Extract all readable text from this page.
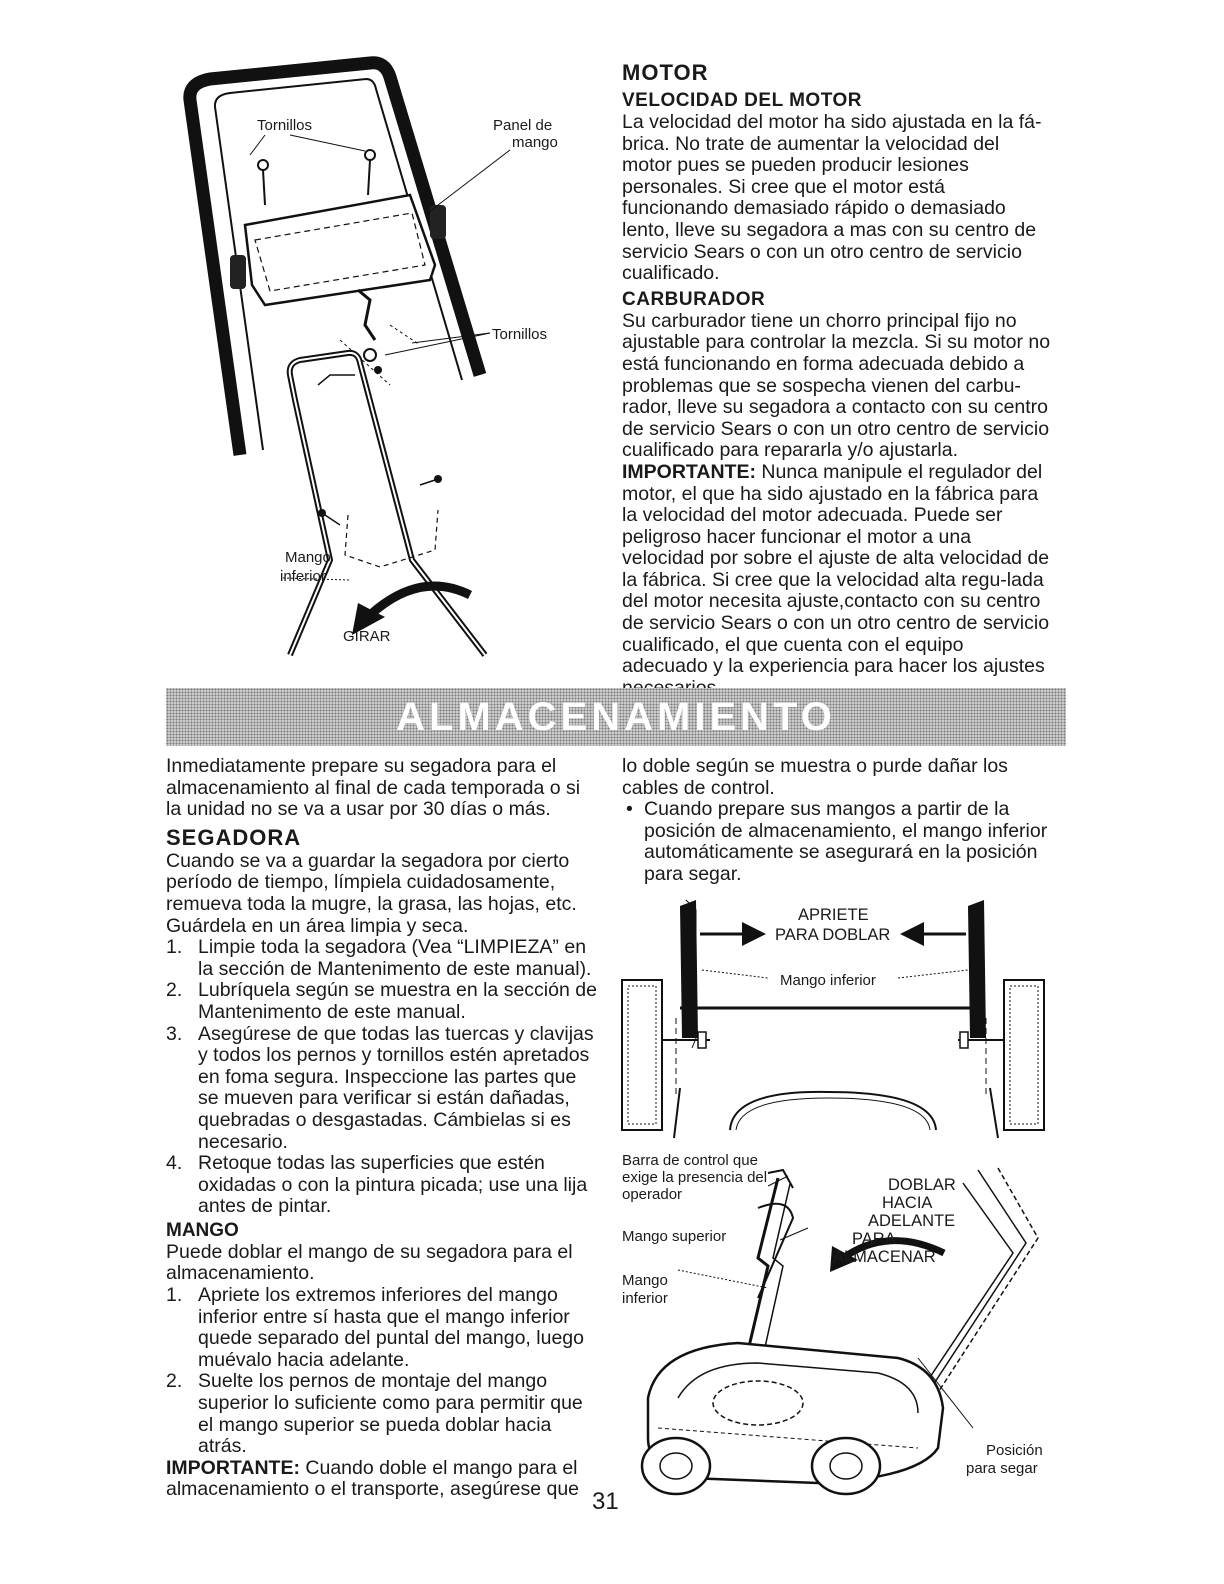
Tornillos	Panel de
mango
Tornillos
Mango
inferior
GIRAR
MOTOR
VELOCIDAD DEL MOTOR

La velocidad del motor ha sido ajustada en la fá-brica. No trate de aumentar la velocidad del motor pues se pueden producir lesiones personales. Si cree que el motor está funcionando demasiado rápido o demasiado lento, lleve su segadora a mas con su centro de servicio Sears o con un otro centro de servicio cualificado.

CARBURADOR

Su carburador tiene un chorro principal fijo no ajustable para controlar la mezcla. Si su motor no está funcionando en forma adecuada debido a problemas que se sospecha vienen del carbu-rador, lleve su segadora a contacto con su centro de servicio Sears o con un otro centro de servicio cualificado para repararla y/o ajustarla.

IMPORTANTE: Nunca manipule el regulador del motor, el que ha sido ajustado en la fábrica para la velocidad del motor adecuada. Puede ser peligroso hacer funcionar el motor a una velocidad por sobre el ajuste de alta velocidad de la fábrica. Si cree que la velocidad alta regu-lada del motor necesita ajuste,contacto con su centro de servicio Sears o con un otro centro de servicio cualificado, el que cuenta con el equipo adecuado y la experiencia para hacer los ajustes

ALMACENAMIENTO

Inmediatamente prepare su segadora para el almacenamiento al final de cada temporada o si la unidad no se va a usar por 30 días o más.

SEGADORA

Cuando se va a guardar la segadora por cierto período de tiempo, límpiela cuidadosamente, remueva toda la mugre, la grasa, las hojas, etc. Guárdela en un área limpia y seca.

1. Limpie toda la segadora (Vea “LIMPIEZA” en la sección de Mantenimento de este manual).
2. Lubríquela según se muestra en la sección de Mantenimento de este manual.
3. Asegúrese de que todas las tuercas y clavijas y todos los pernos y tornillos estén apretados en foma segura. Inspeccione las partes que se mueven para verificar si están dañadas, quebradas o desgastadas. Cámbielas si es necesario.
4. Retoque todas las superficies que estén oxidadas o con la pintura picada; use una lija antes de pintar.
MANGO

Puede doblar el mango de su segadora para el almacenamiento.

1. Apriete los extremos inferiores del mango inferior entre sí hasta que el mango inferior quede separado del puntal del mango, luego muévalo hacia adelante.
2. Suelte los pernos de montaje del mango superior lo suficiente como para permitir que el mango superior se pueda doblar hacia atrás.

IMPORTANTE: Cuando doble el mango para el almacenamiento o el transporte, asegúrese que

lo doble según se muestra o purde dañar los cables de control.

• Cuando prepare sus mangos a partir de la posición de almacenamiento, el mango inferior automáticamente se asegurará en la posición para segar.
APRIETE
PARA DOBLAR
Mango inferior
Barra de control que
exige la presencia del
operador
Mango superior
Mango
inferior
DOBLAR
HACIA
ADELANTE
PARA
ALMACENAR
Posición
para segar
31
